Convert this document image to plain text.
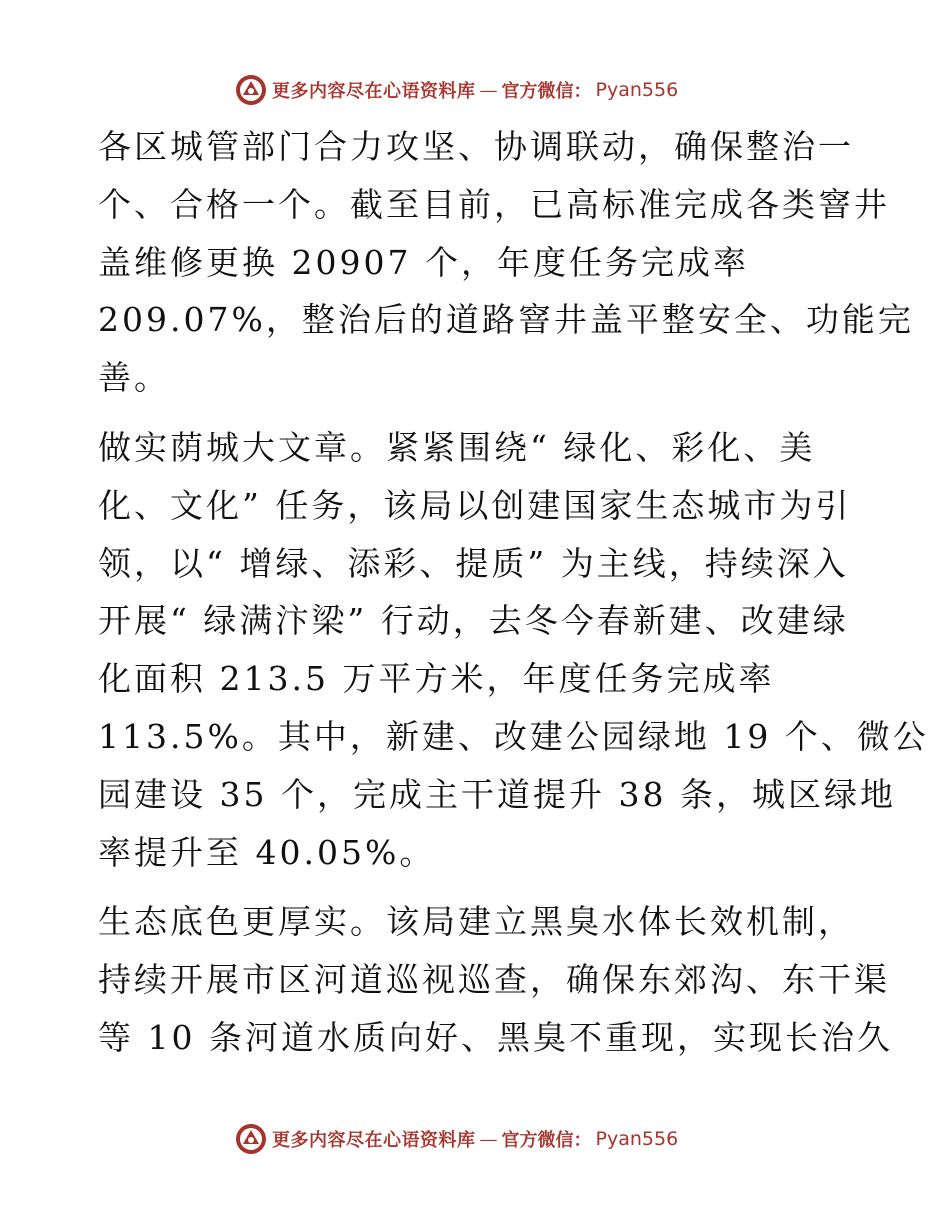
更多内容尽在心语资料库 — 官方微信： Pyan556

各区城管部门合力攻坚、协调联动，确保整治一
个、合格一个。截至目前，已高标准完成各类窨井
盖维修更换 20907 个，年度任务完成率
209.07%，整治后的道路窨井盖平整安全、功能完
善。

做实荫城大文章。紧紧围绕“ 绿化、彩化、美
化、文化” 任务，该局以创建国家生态城市为引
领，以“ 增绿、添彩、提质” 为主线，持续深入
开展“ 绿满汴梁” 行动，去冬今春新建、改建绿
化面积 213.5 万平方米，年度任务完成率
113.5%。其中，新建、改建公园绿地 19 个、微公
园建设 35 个，完成主干道提升 38 条，城区绿地
率提升至 40.05%。

生态底色更厚实。该局建立黑臭水体长效机制，
持续开展市区河道巡视巡查，确保东郊沟、东干渠
等 10 条河道水质向好、黑臭不重现，实现长治久

更多内容尽在心语资料库 — 官方微信： Pyan556
